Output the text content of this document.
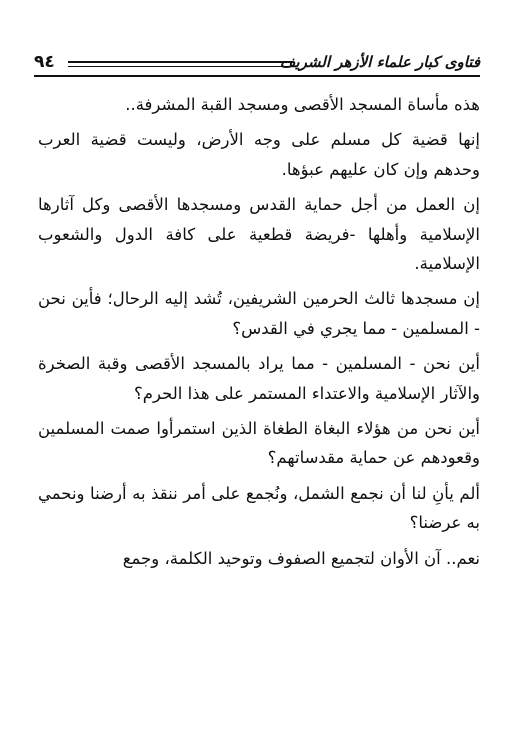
فتاوى كبار علماء الأزهر الشريف
٩٤

هذه مأساة المسجد الأقصى ومسجد القبة المشرفة..

إنها قضية كل مسلم على وجه الأرض، وليست قضية العرب وحدهم وإن كان عليهم عبؤها.

إن العمل من أجل حماية القدس ومسجدها الأقصى وكل آثارها الإسلامية وأهلها -فريضة قطعية على كافة الدول والشعوب الإسلامية.

إن مسجدها ثالث الحرمين الشريفين، تُشد إليه الرحال؛ فأين نحن - المسلمين - مما يجري في القدس؟

أين نحن - المسلمين - مما يراد بالمسجد الأقصى وقبة الصخرة والآثار الإسلامية والاعتداء المستمر على هذا الحرم؟

أين نحن من هؤلاء البغاة الطغاة الذين استمرأوا صمت المسلمين وقعودهم عن حماية مقدساتهم؟

ألم يأنِ لنا أن نجمع الشمل، ونُجمع على أمر ننقذ به أرضنا ونحمي به عرضنا؟

نعم.. آن الأوان لتجميع الصفوف وتوحيد الكلمة، وجمع
